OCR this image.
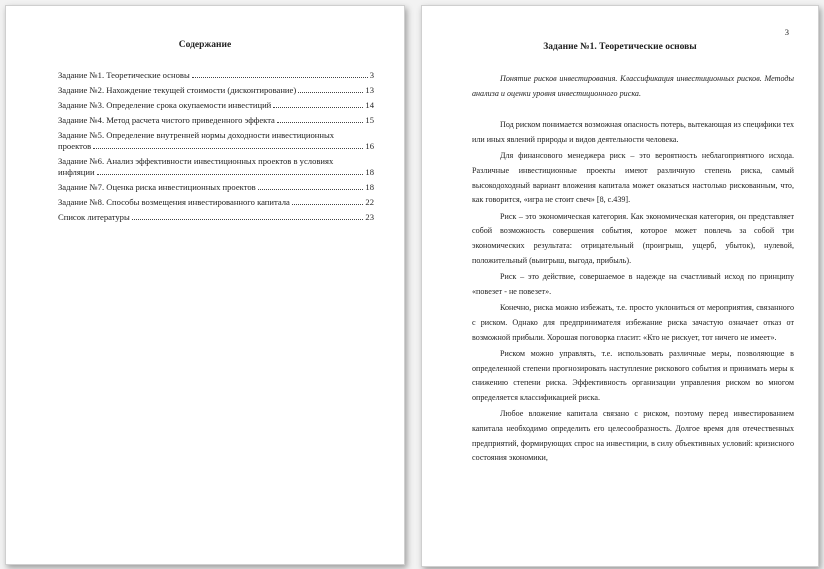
Содержание
Задание №1. Теоретические основы	3
Задание №2. Нахождение текущей стоимости (дисконтирование)	13
Задание №3. Определение срока окупаемости инвестиций	14
Задание №4. Метод расчета чистого приведенного эффекта	15
Задание №5. Определение внутренней нормы доходности инвестиционных
проектов	16
Задание №6. Анализ эффективности инвестиционных проектов в условиях
инфляции	18
Задание №7. Оценка риска инвестиционных проектов	18
Задание №8. Способы возмещения инвестированного капитала	22
Список литературы	23
3
Задание №1. Теоретические основы

Понятие рисков инвестирования. Классификация инвестиционных рисков. Методы анализа и оценки уровня инвестиционного риска.

Под риском понимается возможная опасность потерь, вытекающая из специфики тех или иных явлений природы и видов деятельности человека.

Для финансового менеджера риск – это вероятность неблагоприятного исхода. Различные инвестиционные проекты имеют различную степень риска, самый высокодоходный вариант вложения капитала может оказаться настолько рискованным, что, как говорится, «игра не стоит свеч» [8, с.439].

Риск – это экономическая категория. Как экономическая категория, он представляет собой возможность совершения события, которое может повлечь за собой три экономических результата: отрицательный (проигрыш, ущерб, убыток), нулевой, положительный (выигрыш, выгода, прибыль).

Риск – это действие, совершаемое в надежде на счастливый исход по принципу «повезет - не повезет».

Конечно, риска можно избежать, т.е. просто уклониться от мероприятия, связанного с риском. Однако для предпринимателя избежание риска зачастую означает отказ от возможной прибыли. Хорошая поговорка гласит: «Кто не рискует, тот ничего не имеет».

Риском можно управлять, т.е. использовать различные меры, позволяющие в определенной степени прогнозировать наступление рискового события и принимать меры к снижению степени риска. Эффективность организации управления риском во многом определяется классификацией риска.

Любое вложение капитала связано с риском, поэтому перед инвестированием капитала необходимо определить его целесообразность. Долгое время для отечественных предприятий, формирующих спрос на инвестиции, в силу объективных условий: кризисного состояния экономики,
